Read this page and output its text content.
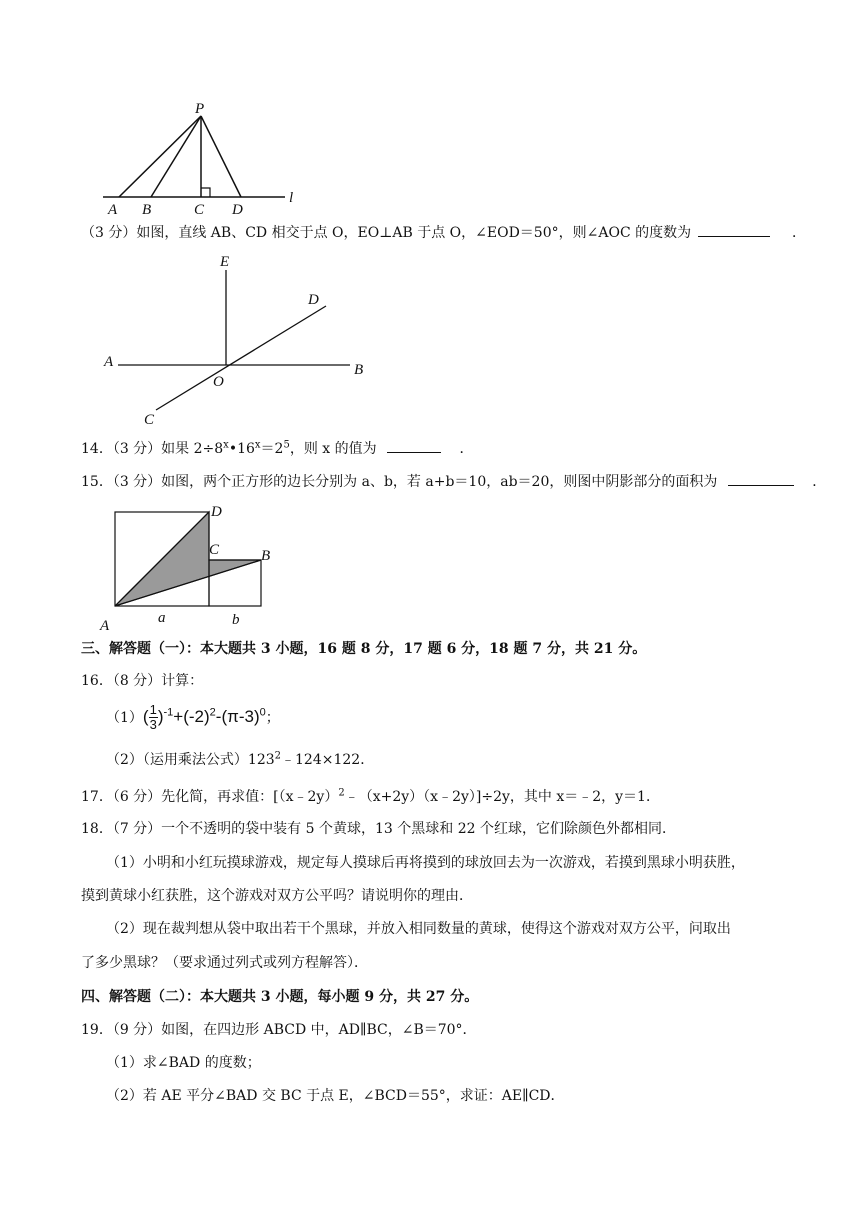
P
A B	C D
l
（3 分）如图，直线 AB、CD 相交于点 O，EO⊥AB 于点 O，∠EOD＝50°，则∠AOC 的度数为	．
E
D
A
O
B
C
14．（3 分）如果 $2\div 8^x•16^x=2^5$，则 x 的值为	．
15．（3 分）如图，两个正方形的边长分别为 a、b，若 a+b＝10，ab＝20，则图中阴影部分的面积为	．
D
C	B
A	a	b
三、解答题（一）：本大题共 3 小题，16 题 8 分，17 题 6 分，18 题 7 分，共 21 分。
16．（8 分）计算：
$(1)( \frac{1}{3} )^{-1}+(-2)^2-(\pi-3)^0$；
（2）（运用乘法公式）$123^2﹣124\times 122$．
17．（6 分）先化简，再求值：[（x﹣2y）$^2$﹣（x+2y）（x﹣2y）]÷2y，其中 x＝﹣2，y＝1．
18．（7 分）一个不透明的袋中装有 5 个黄球，13 个黑球和 22 个红球，它们除颜色外都相同．
（1）小明和小红玩摸球游戏，规定每人摸球后再将摸到的球放回去为一次游戏，若摸到黑球小明获胜，
摸到黄球小红获胜，这个游戏对双方公平吗？请说明你的理由．
（2）现在裁判想从袋中取出若干个黑球，并放入相同数量的黄球，使得这个游戏对双方公平，问取出
了多少黑球？（要求通过列式或列方程解答）．
四、解答题（二）：本大题共 3 小题，每小题 9 分，共 27 分。
19．（9 分）如图，在四边形 ABCD 中，AD∥BC，∠B＝70°．
（1）求∠BAD 的度数；
（2）若 AE 平分∠BAD 交 BC 于点 E，∠BCD＝55°，求证：AE∥CD．
